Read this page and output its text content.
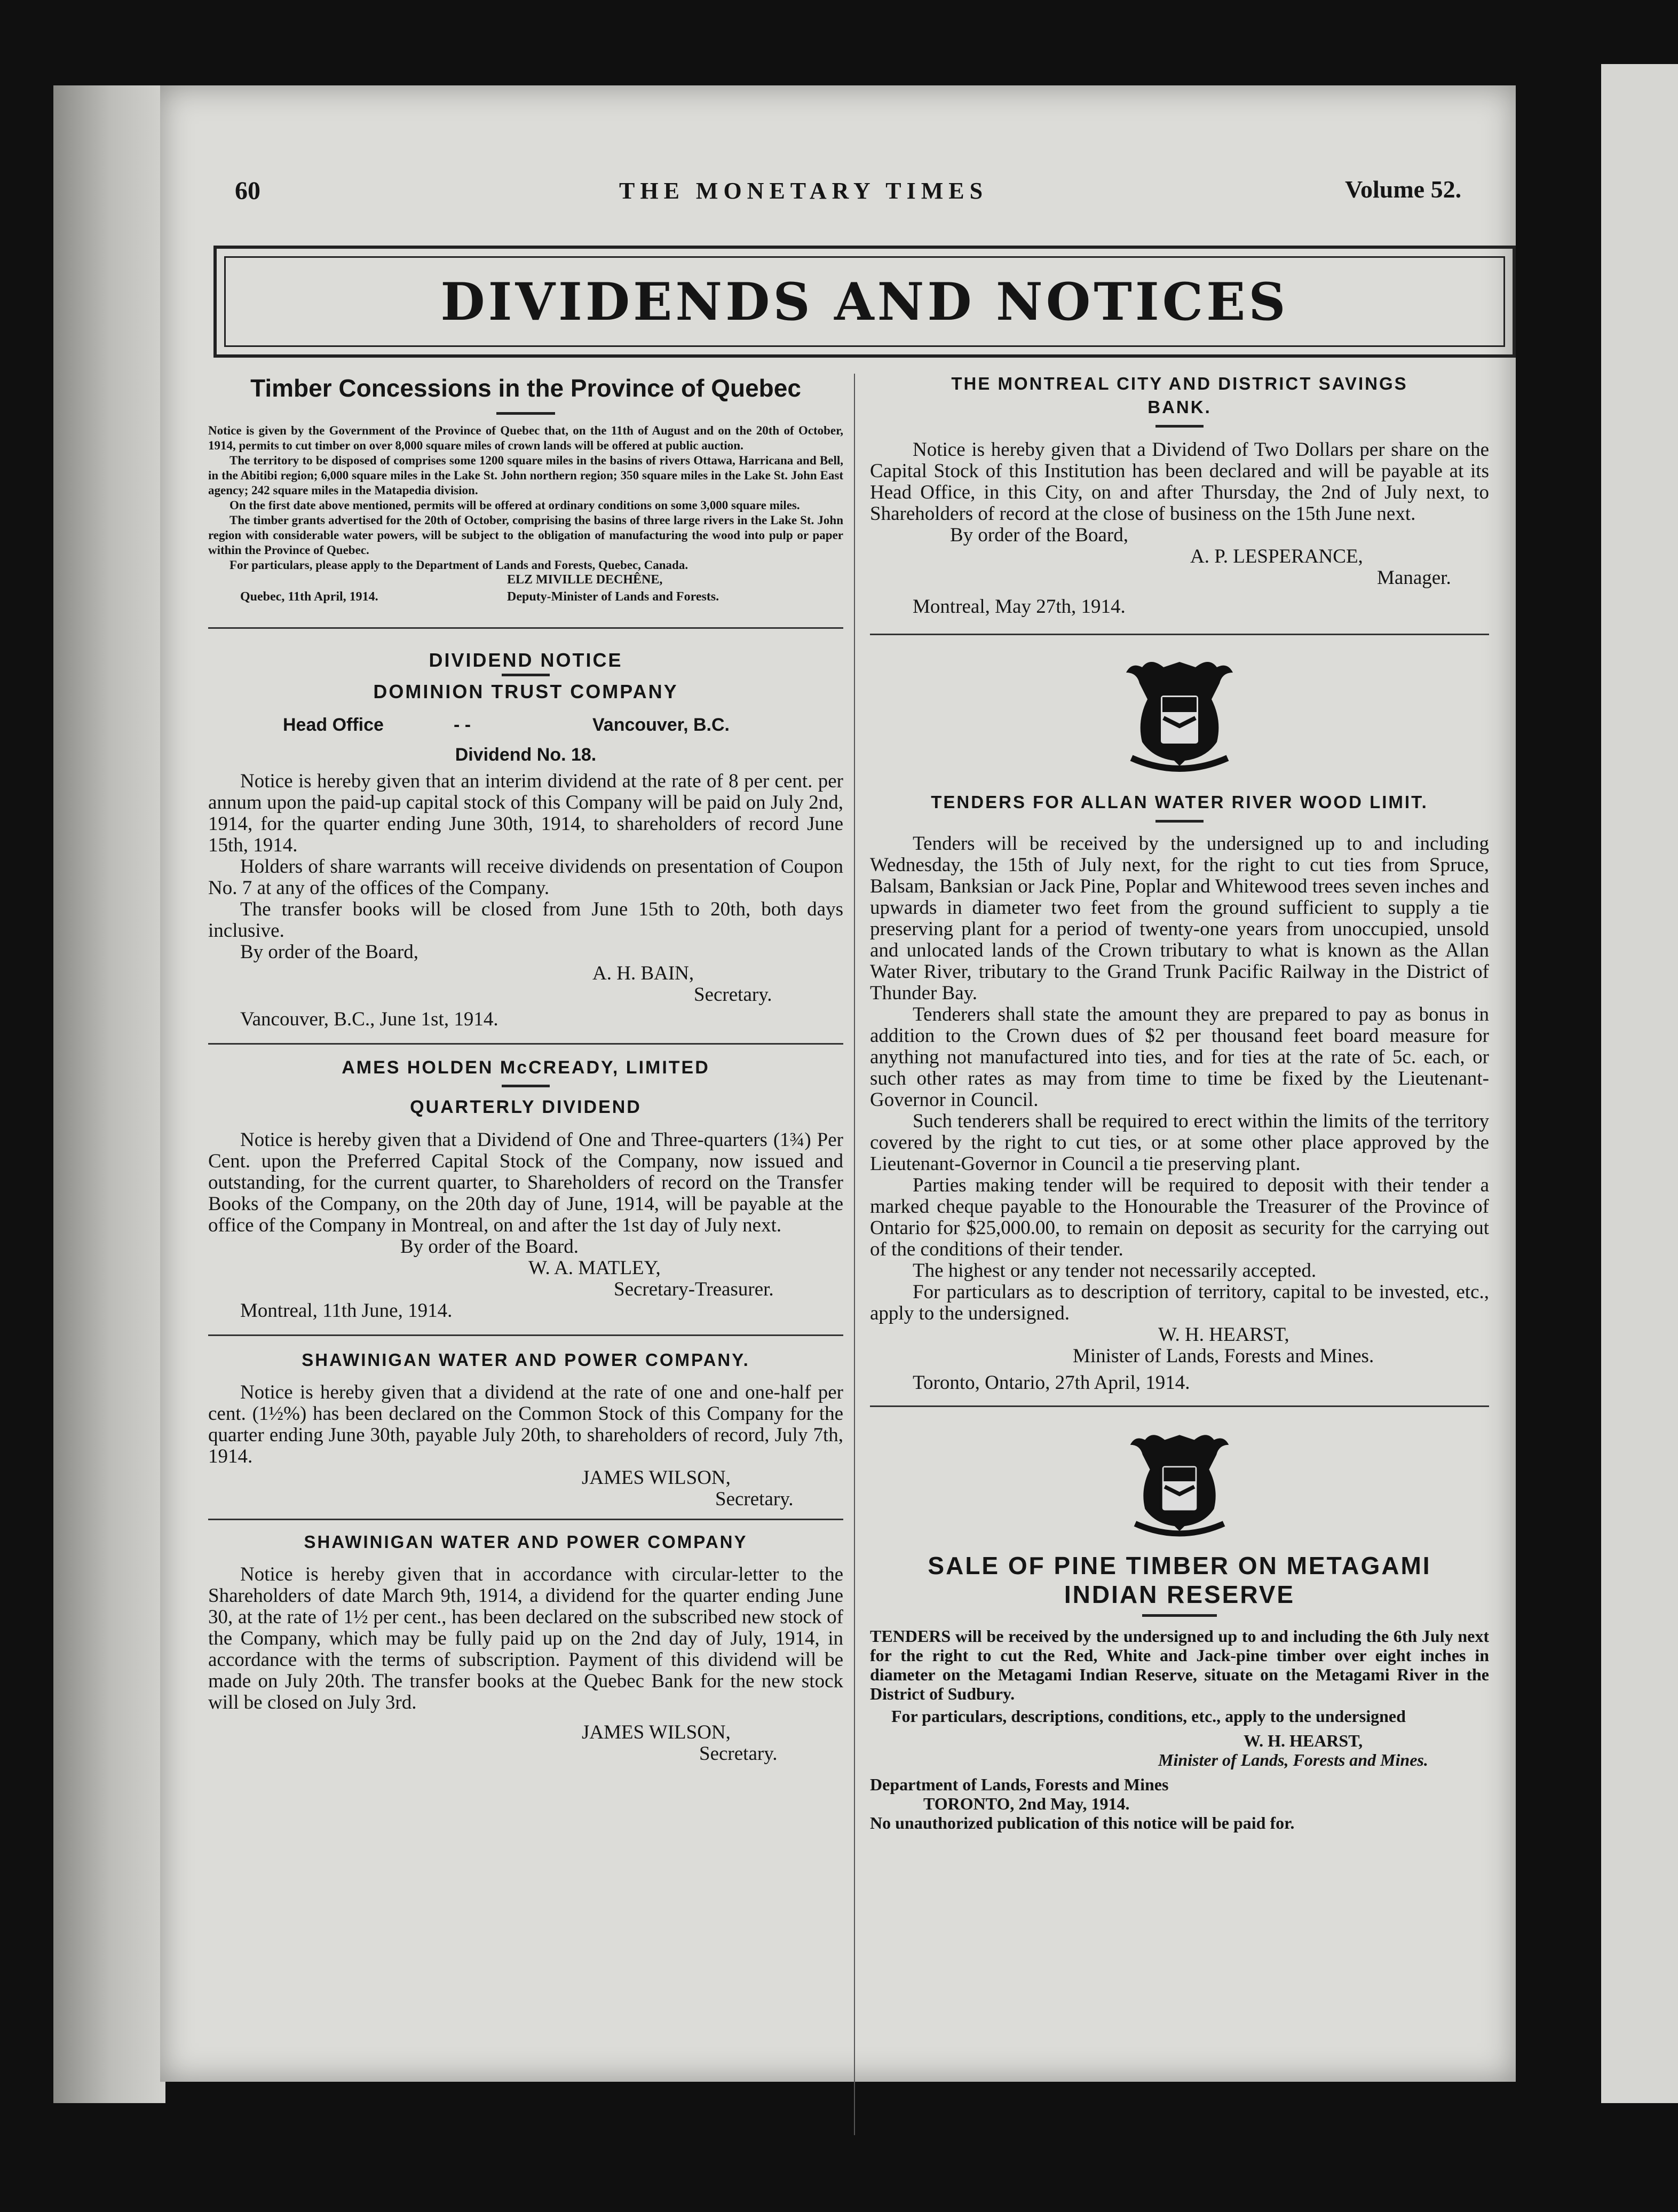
60	THE MONETARY TIMES	Volume 52.
DIVIDENDS AND NOTICES
Timber Concessions in the Province of Quebec

Notice is given by the Government of the Province of Quebec that, on the 11th of August and on the 20th of October, 1914, permits to cut timber on over 8,000 square miles of crown lands will be offered at public auction.

The territory to be disposed of comprises some 1200 square miles in the basins of rivers Ottawa, Harricana and Bell, in the Abitibi region; 6,000 square miles in the Lake St. John northern region; 350 square miles in the Lake St. John East agency; 242 square miles in the Matapedia division.

On the first date above mentioned, permits will be offered at ordinary conditions on some 3,000 square miles.

The timber grants advertised for the 20th of October, comprising the basins of three large rivers in the Lake St. John region with considerable water powers, will be subject to the obligation of manufacturing the wood into pulp or paper within the Province of Quebec.

For particulars, please apply to the Department of Lands and Forests, Quebec, Canada.

ELZ MIVILLE DECHÊNE,
Quebec, 11th April, 1914.	Deputy-Minister of Lands and Forests.
DIVIDEND NOTICE
DOMINION TRUST COMPANY
Head Office	- -	Vancouver, B.C.
Dividend No. 18.

Notice is hereby given that an interim dividend at the rate of 8 per cent. per annum upon the paid-up capital stock of this Company will be paid on July 2nd, 1914, for the quarter ending June 30th, 1914, to shareholders of record June 15th, 1914.

Holders of share warrants will receive dividends on presentation of Coupon No. 7 at any of the offices of the Company.

The transfer books will be closed from June 15th to 20th, both days inclusive.

By order of the Board,

A. H. BAIN,

Secretary.

Vancouver, B.C., June 1st, 1914.

AMES HOLDEN McCREADY, LIMITED
QUARTERLY DIVIDEND

Notice is hereby given that a Dividend of One and Three-quarters (1¾) Per Cent. upon the Preferred Capital Stock of the Company, now issued and outstanding, for the current quarter, to Shareholders of record on the Transfer Books of the Company, on the 20th day of June, 1914, will be payable at the office of the Company in Montreal, on and after the 1st day of July next.

By order of the Board.

W. A. MATLEY,

Secretary-Treasurer.

Montreal, 11th June, 1914.

SHAWINIGAN WATER AND POWER COMPANY.

Notice is hereby given that a dividend at the rate of one and one-half per cent. (1½%) has been declared on the Common Stock of this Company for the quarter ending June 30th, payable July 20th, to shareholders of record, July 7th, 1914.

JAMES WILSON,

Secretary.

SHAWINIGAN WATER AND POWER COMPANY

Notice is hereby given that in accordance with circular-letter to the Shareholders of date March 9th, 1914, a dividend for the quarter ending June 30, at the rate of 1½ per cent., has been declared on the subscribed new stock of the Company, which may be fully paid up on the 2nd day of July, 1914, in accordance with the terms of subscription. Payment of this dividend will be made on July 20th. The transfer books at the Quebec Bank for the new stock will be closed on July 3rd.

JAMES WILSON,

Secretary.

THE MONTREAL CITY AND DISTRICT SAVINGS
BANK.

Notice is hereby given that a Dividend of Two Dollars per share on the Capital Stock of this Institution has been declared and will be payable at its Head Office, in this City, on and after Thursday, the 2nd of July next, to Shareholders of record at the close of business on the 15th June next.

By order of the Board,

A. P. LESPERANCE,

Manager.

Montreal, May 27th, 1914.

TENDERS FOR ALLAN WATER RIVER WOOD LIMIT.

Tenders will be received by the undersigned up to and including Wednesday, the 15th of July next, for the right to cut ties from Spruce, Balsam, Banksian or Jack Pine, Poplar and Whitewood trees seven inches and upwards in diameter two feet from the ground sufficient to supply a tie preserving plant for a period of twenty-one years from unoccupied, unsold and unlocated lands of the Crown tributary to what is known as the Allan Water River, tributary to the Grand Trunk Pacific Railway in the District of Thunder Bay.

Tenderers shall state the amount they are prepared to pay as bonus in addition to the Crown dues of $2 per thousand feet board measure for anything not manufactured into ties, and for ties at the rate of 5c. each, or such other rates as may from time to time be fixed by the Lieutenant-Governor in Council.

Such tenderers shall be required to erect within the limits of the territory covered by the right to cut ties, or at some other place approved by the Lieutenant-Governor in Council a tie preserving plant.

Parties making tender will be required to deposit with their tender a marked cheque payable to the Honourable the Treasurer of the Province of Ontario for $25,000.00, to remain on deposit as security for the carrying out of the conditions of their tender.

The highest or any tender not necessarily accepted.

For particulars as to description of territory, capital to be invested, etc., apply to the undersigned.

W. H. HEARST,

Minister of Lands, Forests and Mines.

Toronto, Ontario, 27th April, 1914.

SALE OF PINE TIMBER ON METAGAMI
INDIAN RESERVE

TENDERS will be received by the undersigned up to and including the 6th July next for the right to cut the Red, White and Jack-pine timber over eight inches in diameter on the Metagami Indian Reserve, situate on the Metagami River in the District of Sudbury.

For particulars, descriptions, conditions, etc., apply to the undersigned

W. H. HEARST,

Minister of Lands, Forests and Mines.

Department of Lands, Forests and Mines

TORONTO, 2nd May, 1914.

No unauthorized publication of this notice will be paid for.
